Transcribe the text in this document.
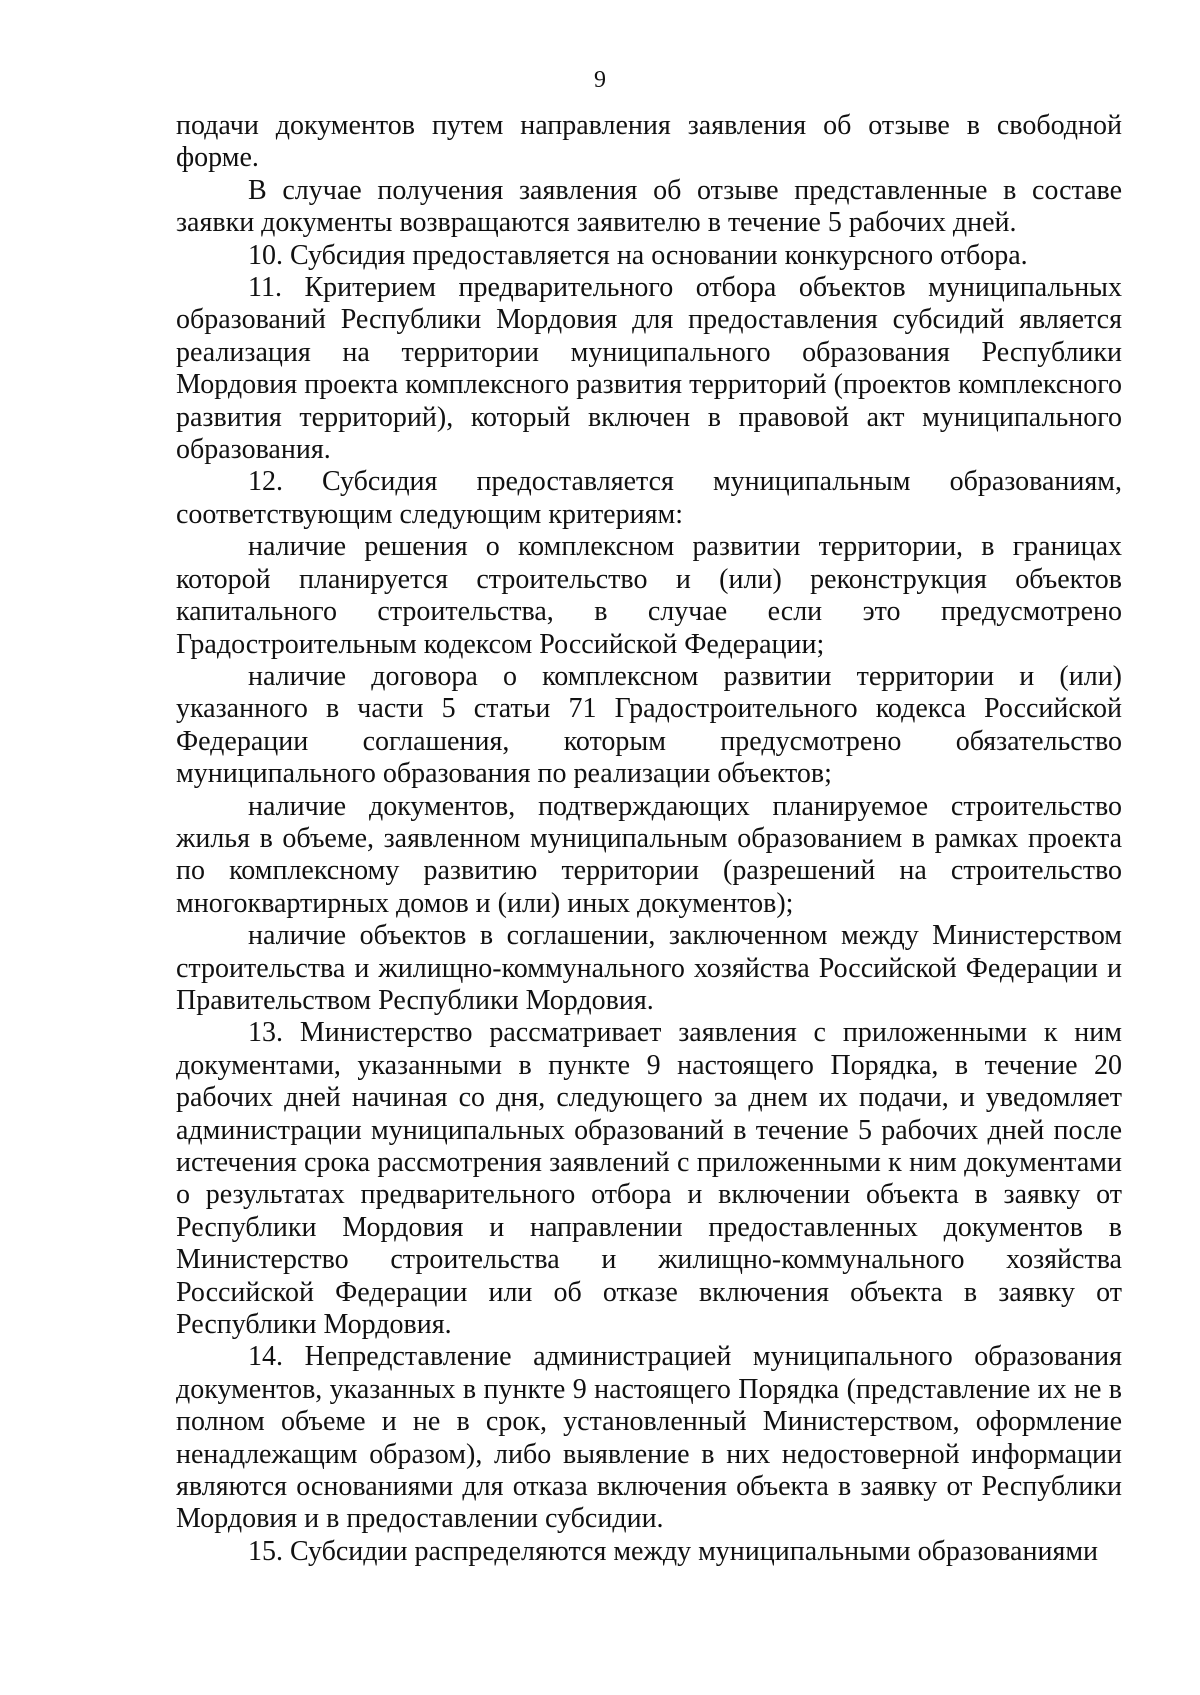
9

подачи документов путем направления заявления об отзыве в свободной форме.

В случае получения заявления об отзыве представленные в составе заявки документы возвращаются заявителю в течение 5 рабочих дней.

10. Субсидия предоставляется на основании конкурсного отбора.

11. Критерием предварительного отбора объектов муниципальных образований Республики Мордовия для предоставления субсидий является реализация на территории муниципального образования Республики Мордовия проекта комплексного развития территорий (проектов комплексного развития территорий), который включен в правовой акт муниципального образования.

12. Субсидия предоставляется муниципальным образованиям, соответствующим следующим критериям:

наличие решения о комплексном развитии территории, в границах которой планируется строительство и (или) реконструкция объектов капитального строительства, в случае если это предусмотрено Градостроительным кодексом Российской Федерации;

наличие договора о комплексном развитии территории и (или) указанного в части 5 статьи 71 Градостроительного кодекса Российской Федерации соглашения, которым предусмотрено обязательство муниципального образования по реализации объектов;

наличие документов, подтверждающих планируемое строительство жилья в объеме, заявленном муниципальным образованием в рамках проекта по комплексному развитию территории (разрешений на строительство многоквартирных домов и (или) иных документов);

наличие объектов в соглашении, заключенном между Министерством строительства и жилищно-коммунального хозяйства Российской Федерации и Правительством Республики Мордовия.

13. Министерство рассматривает заявления с приложенными к ним документами, указанными в пункте 9 настоящего Порядка, в течение 20 рабочих дней начиная со дня, следующего за днем их подачи, и уведомляет администрации муниципальных образований в течение 5 рабочих дней после истечения срока рассмотрения заявлений с приложенными к ним документами о результатах предварительного отбора и включении объекта в заявку от Республики Мордовия и направлении предоставленных документов в Министерство строительства и жилищно-коммунального хозяйства Российской Федерации или об отказе включения объекта в заявку от Республики Мордовия.

14. Непредставление администрацией муниципального образования документов, указанных в пункте 9 настоящего Порядка (представление их не в полном объеме и не в срок, установленный Министерством, оформление ненадлежащим образом), либо выявление в них недостоверной информации являются основаниями для отказа включения объекта в заявку от Республики Мордовия и в предоставлении субсидии.

15. Субсидии распределяются между муниципальными образованиями
